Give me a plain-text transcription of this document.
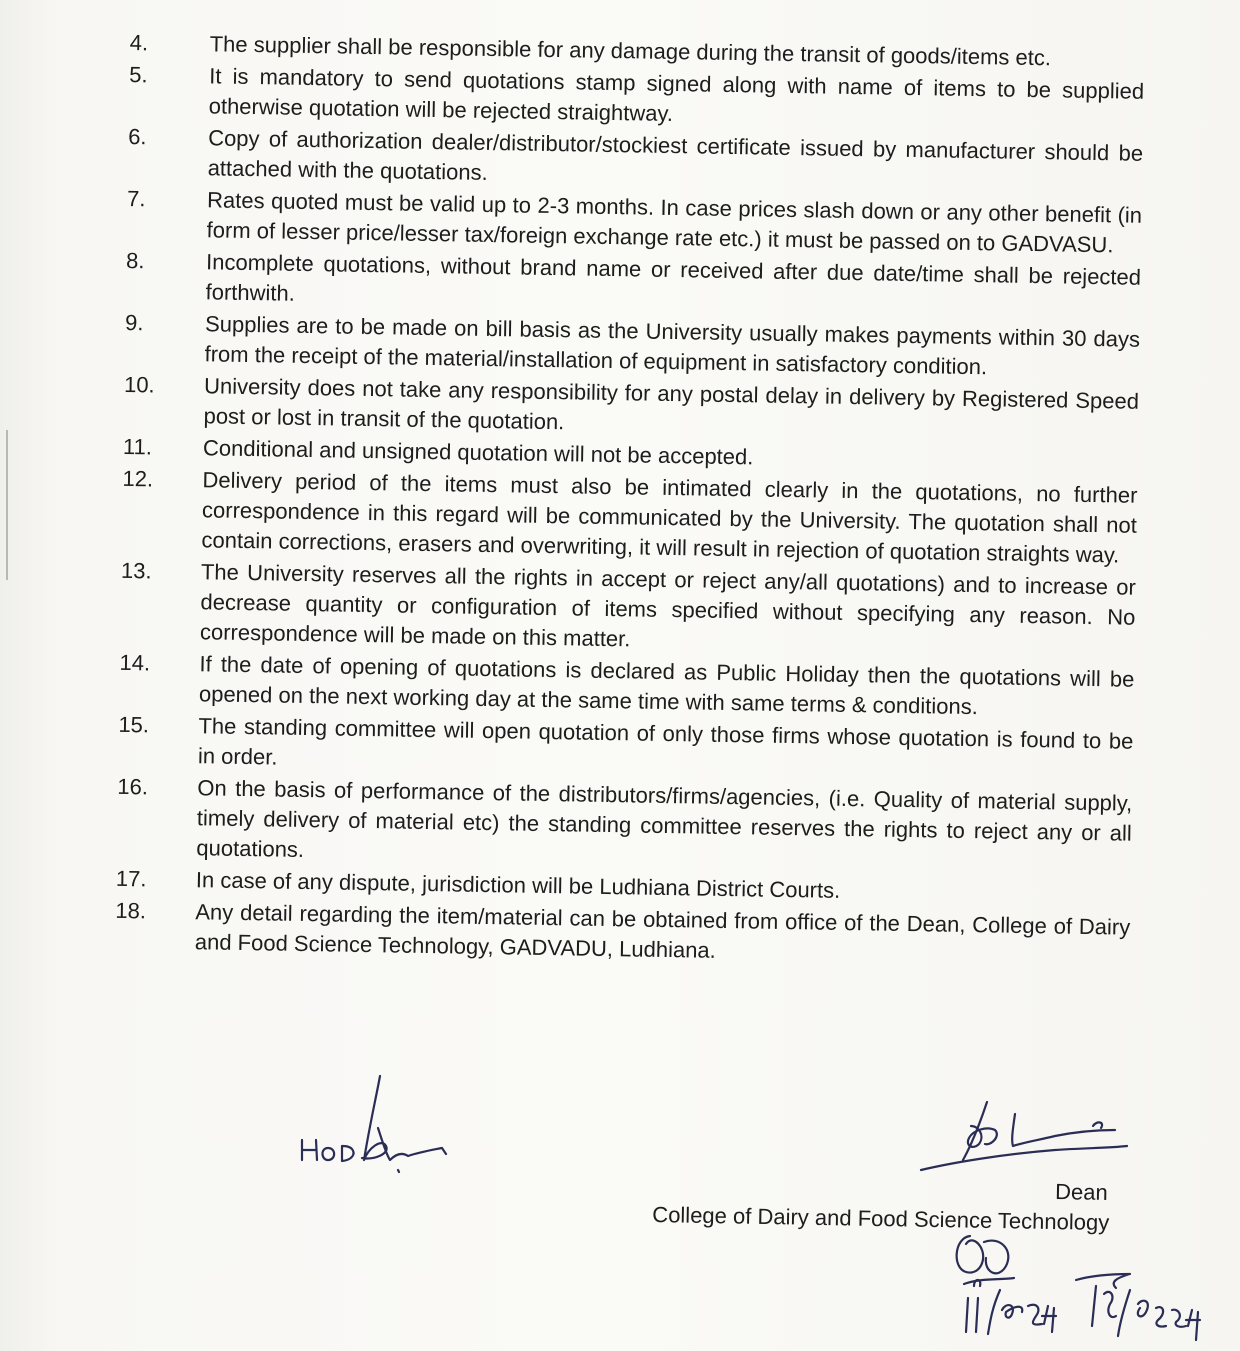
4.	The supplier shall be responsible for any damage during the transit of goods/items etc.
5.	It is mandatory to send quotations stamp signed along with name of items to be supplied otherwise quotation will be rejected straightway.
6.	Copy of authorization dealer/distributor/stockiest certificate issued by manufacturer should be attached with the quotations.
7.	Rates quoted must be valid up to 2-3 months. In case prices slash down or any other benefit (in form of lesser price/lesser tax/foreign exchange rate etc.) it must be passed on to GADVASU.
8.	Incomplete quotations, without brand name or received after due date/time shall be rejected forthwith.
9.	Supplies are to be made on bill basis as the University usually makes payments within 30 days from the receipt of the material/installation of equipment in satisfactory condition.
10.	University does not take any responsibility for any postal delay in delivery by Registered Speed post or lost in transit of the quotation.
11.	Conditional and unsigned quotation will not be accepted.
12.	Delivery period of the items must also be intimated clearly in the quotations, no further correspondence in this regard will be communicated by the University. The quotation shall not contain corrections, erasers and overwriting, it will result in rejection of quotation straights way.
13.	The University reserves all the rights in accept or reject any/all quotations) and to increase or decrease quantity or configuration of items specified without specifying any reason. No correspondence will be made on this matter.
14.	If the date of opening of quotations is declared as Public Holiday then the quotations will be opened on the next working day at the same time with same terms & conditions.
15.	The standing committee will open quotation of only those firms whose quotation is found to be in order.
16.	On the basis of performance of the distributors/firms/agencies, (i.e. Quality of material supply, timely delivery of material etc) the standing committee reserves the rights to reject any or all quotations.
17.	In case of any dispute, jurisdiction will be Ludhiana District Courts.
18.	Any detail regarding the item/material can be obtained from office of the Dean, College of Dairy and Food Science Technology, GADVADU, Ludhiana.
Dean
College of Dairy and Food Science Technology
